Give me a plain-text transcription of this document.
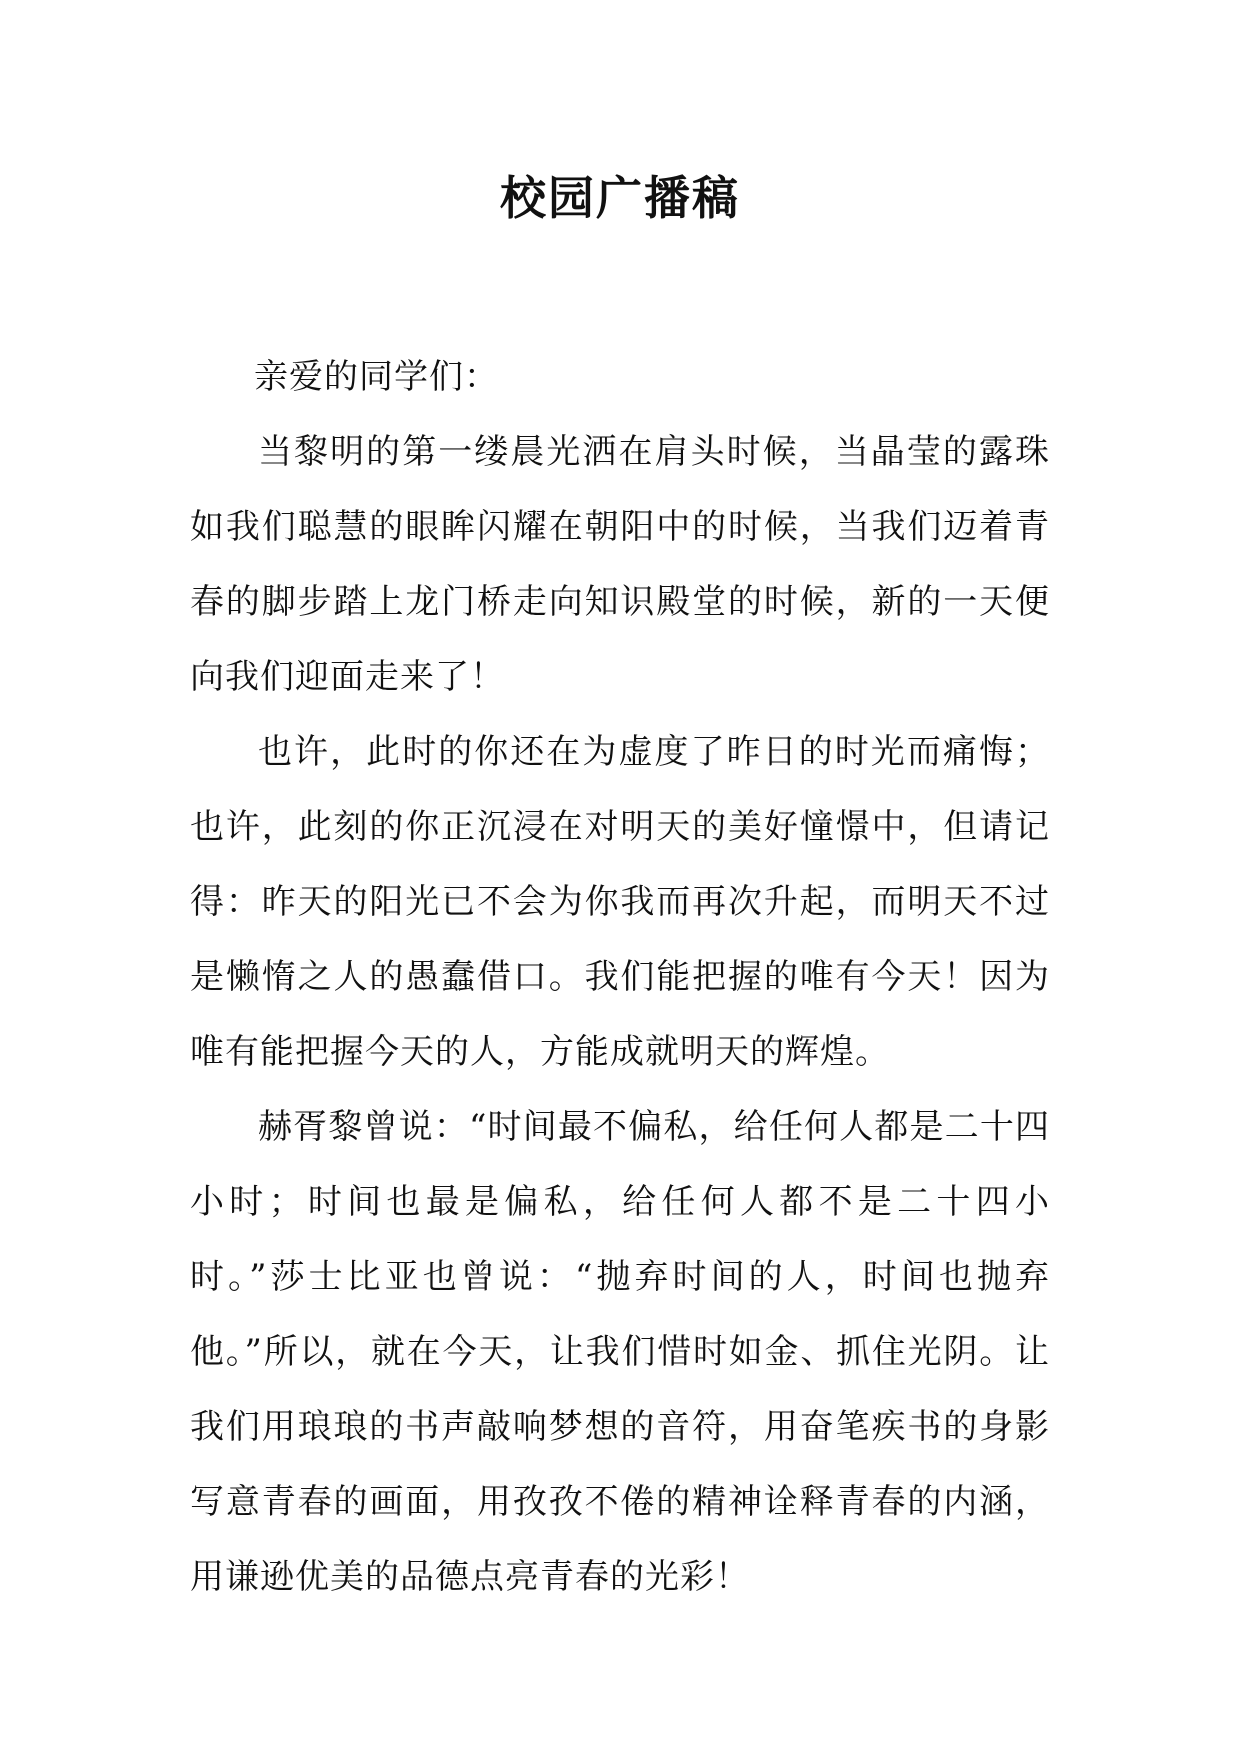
校园广播稿

亲爱的同学们：

当黎明的第一缕晨光洒在肩头时候，当晶莹的露珠如我们聪慧的眼眸闪耀在朝阳中的时候，当我们迈着青春的脚步踏上龙门桥走向知识殿堂的时候，新的一天便向我们迎面走来了！

也许，此时的你还在为虚度了昨日的时光而痛悔；也许，此刻的你正沉浸在对明天的美好憧憬中，但请记得：昨天的阳光已不会为你我而再次升起，而明天不过是懒惰之人的愚蠢借口。我们能把握的唯有今天！因为唯有能把握今天的人，方能成就明天的辉煌。

赫胥黎曾说：“时间最不偏私，给任何人都是二十四小时；时间也最是偏私，给任何人都不是二十四小时。”莎士比亚也曾说：“抛弃时间的人，时间也抛弃他。”所以，就在今天，让我们惜时如金、抓住光阴。让我们用琅琅的书声敲响梦想的音符，用奋笔疾书的身影写意青春的画面，用孜孜不倦的精神诠释青春的内涵，用谦逊优美的品德点亮青春的光彩！
